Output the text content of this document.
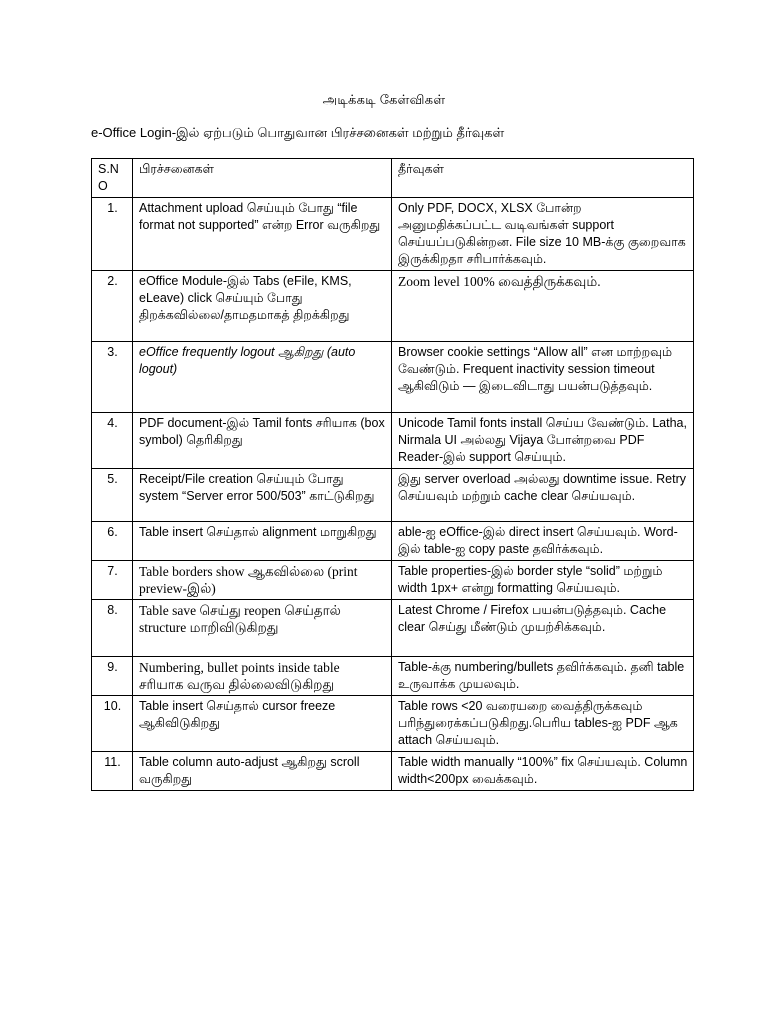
அடிக்கடி கேள்விகள்
e-Office Login-இல் ஏற்படும் பொதுவான பிரச்சனைகள் மற்றும் தீர்வுகள்
S.NO	பிரச்சனைகள்	தீர்வுகள்
1.	Attachment upload செய்யும் போது “file format not supported” என்ற Error வருகிறது	Only PDF, DOCX, XLSX போன்ற அனுமதிக்கப்பட்ட வடிவங்கள் support செய்யப்படுகின்றன. File size 10 MB-க்கு குறைவாக இருக்கிறதா சரிபார்க்கவும்.
2.	eOffice Module-இல் Tabs (eFile, KMS, eLeave) click செய்யும் போது திறக்கவில்லை/தாமதமாகத் திறக்கிறது	Zoom level 100% வைத்திருக்கவும்.
3.	eOffice frequently logout ஆகிறது (auto logout)	Browser cookie settings “Allow all” என மாற்றவும் வேண்டும். Frequent inactivity session timeout ஆகிவிடும் — இடைவிடாது பயன்படுத்தவும்.
4.	PDF document-இல் Tamil fonts சரியாக (box symbol) தெரிகிறது	Unicode Tamil fonts install செய்ய வேண்டும். Latha, Nirmala UI அல்லது Vijaya போன்றவை PDF Reader-இல் support செய்யும்.
5.	Receipt/File creation செய்யும் போது system “Server error 500/503” காட்டுகிறது	இது server overload அல்லது downtime issue. Retry செய்யவும் மற்றும் cache clear செய்யவும்.
6.	Table insert செய்தால் alignment மாறுகிறது	able-ஐ eOffice-இல் direct insert செய்யவும். Word-இல் table-ஐ copy paste தவிர்க்கவும்.
7.	Table borders show ஆகவில்லை (print preview-இல்)	Table properties-இல் border style “solid” மற்றும் width 1px+ என்று formatting செய்யவும்.
8.	Table save செய்து reopen செய்தால் structure மாறிவிடுகிறது	Latest Chrome / Firefox பயன்படுத்தவும். Cache clear செய்து மீண்டும் முயற்சிக்கவும்.
9.	Numbering, bullet points inside table சரியாக வருவ தில்லைவிடுகிறது	Table-க்கு numbering/bullets தவிர்க்கவும். தனி table உருவாக்க முயலவும்.
10.	Table insert செய்தால் cursor freeze ஆகிவிடுகிறது	Table rows <20 வரையறை வைத்திருக்கவும் பரிந்துரைக்கப்படுகிறது.பெரிய tables-ஐ PDF ஆக attach செய்யவும்.
11.	Table column auto-adjust ஆகிறது scroll வருகிறது	Table width manually “100%” fix செய்யவும். Column width<200px வைக்கவும்.
